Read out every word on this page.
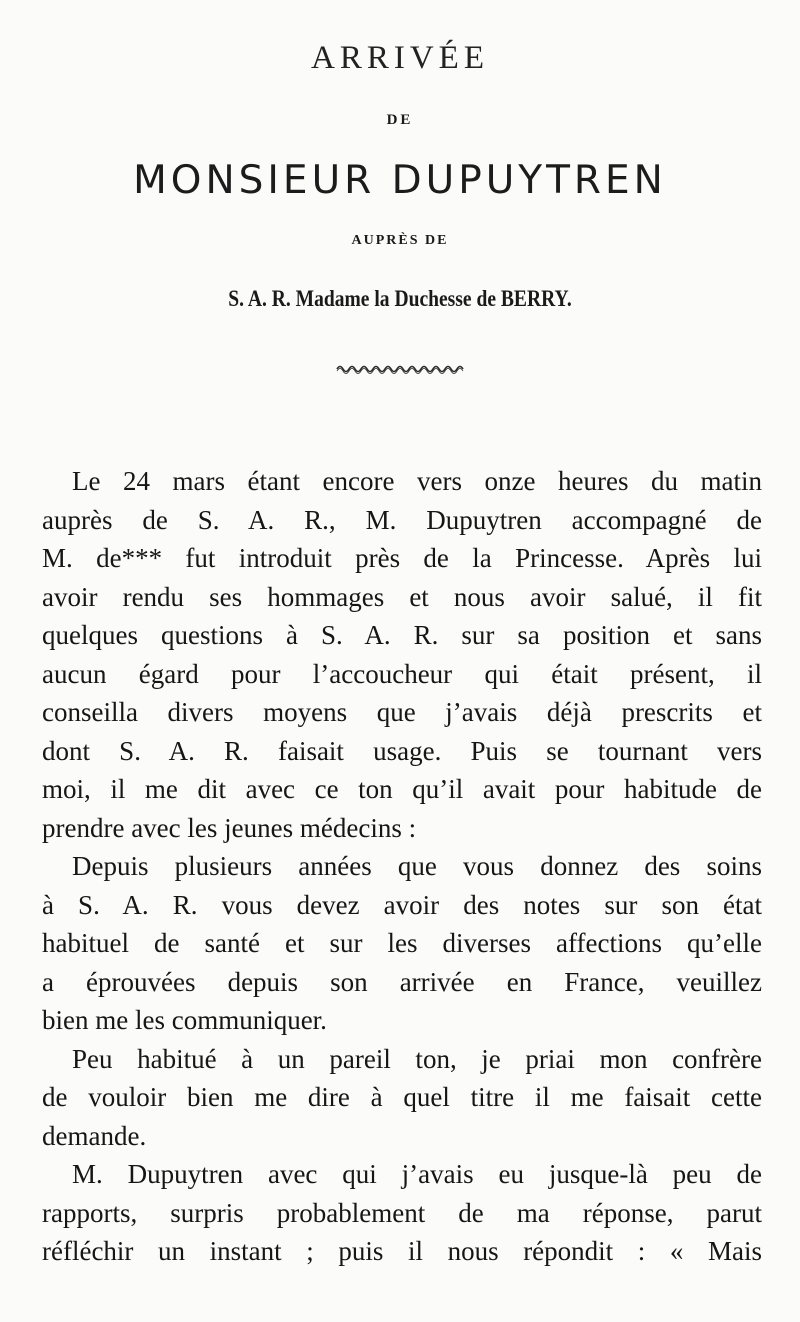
ARRIVÉE
DE
MONSIEUR DUPUYTREN
AUPRÈS DE
S. A. R. Madame la Duchesse de BERRY.

Le 24 mars étant encore vers onze heures du matin
auprès de S. A. R., M. Dupuytren accompagné de
M. de*** fut introduit près de la Princesse. Après lui
avoir rendu ses hommages et nous avoir salué, il fit
quelques questions à S. A. R. sur sa position et sans
aucun égard pour l’accoucheur qui était présent, il
conseilla divers moyens que j’avais déjà prescrits et
dont S. A. R. faisait usage. Puis se tournant vers
moi, il me dit avec ce ton qu’il avait pour habitude de
prendre avec les jeunes médecins :

Depuis plusieurs années que vous donnez des soins
à S. A. R. vous devez avoir des notes sur son état
habituel de santé et sur les diverses affections qu’elle
a éprouvées depuis son arrivée en France, veuillez
bien me les communiquer.

Peu habitué à un pareil ton, je priai mon confrère
de vouloir bien me dire à quel titre il me faisait cette
demande.

M. Dupuytren avec qui j’avais eu jusque-là peu de
rapports, surpris probablement de ma réponse, parut
réfléchir un instant ; puis il nous répondit : « Mais
